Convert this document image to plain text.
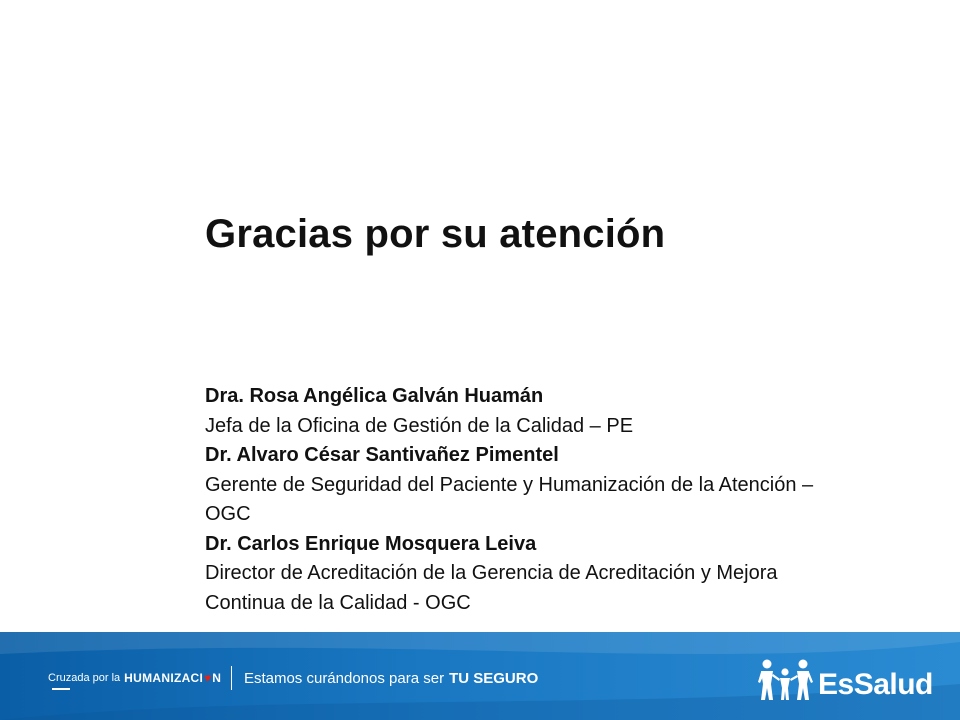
Gracias por su atención
Dra. Rosa Angélica Galván Huamán
Jefa de la Oficina de Gestión de la Calidad – PE
Dr. Alvaro César Santivañez Pimentel
Gerente de Seguridad del Paciente y Humanización de la Atención – OGC
Dr. Carlos Enrique Mosquera Leiva
Director de Acreditación de la Gerencia de Acreditación y Mejora Continua de la Calidad - OGC
Cruzada por la HUMANIZACI ♥ N Estamos curándonos para ser TU SEGURO	EsSalud
